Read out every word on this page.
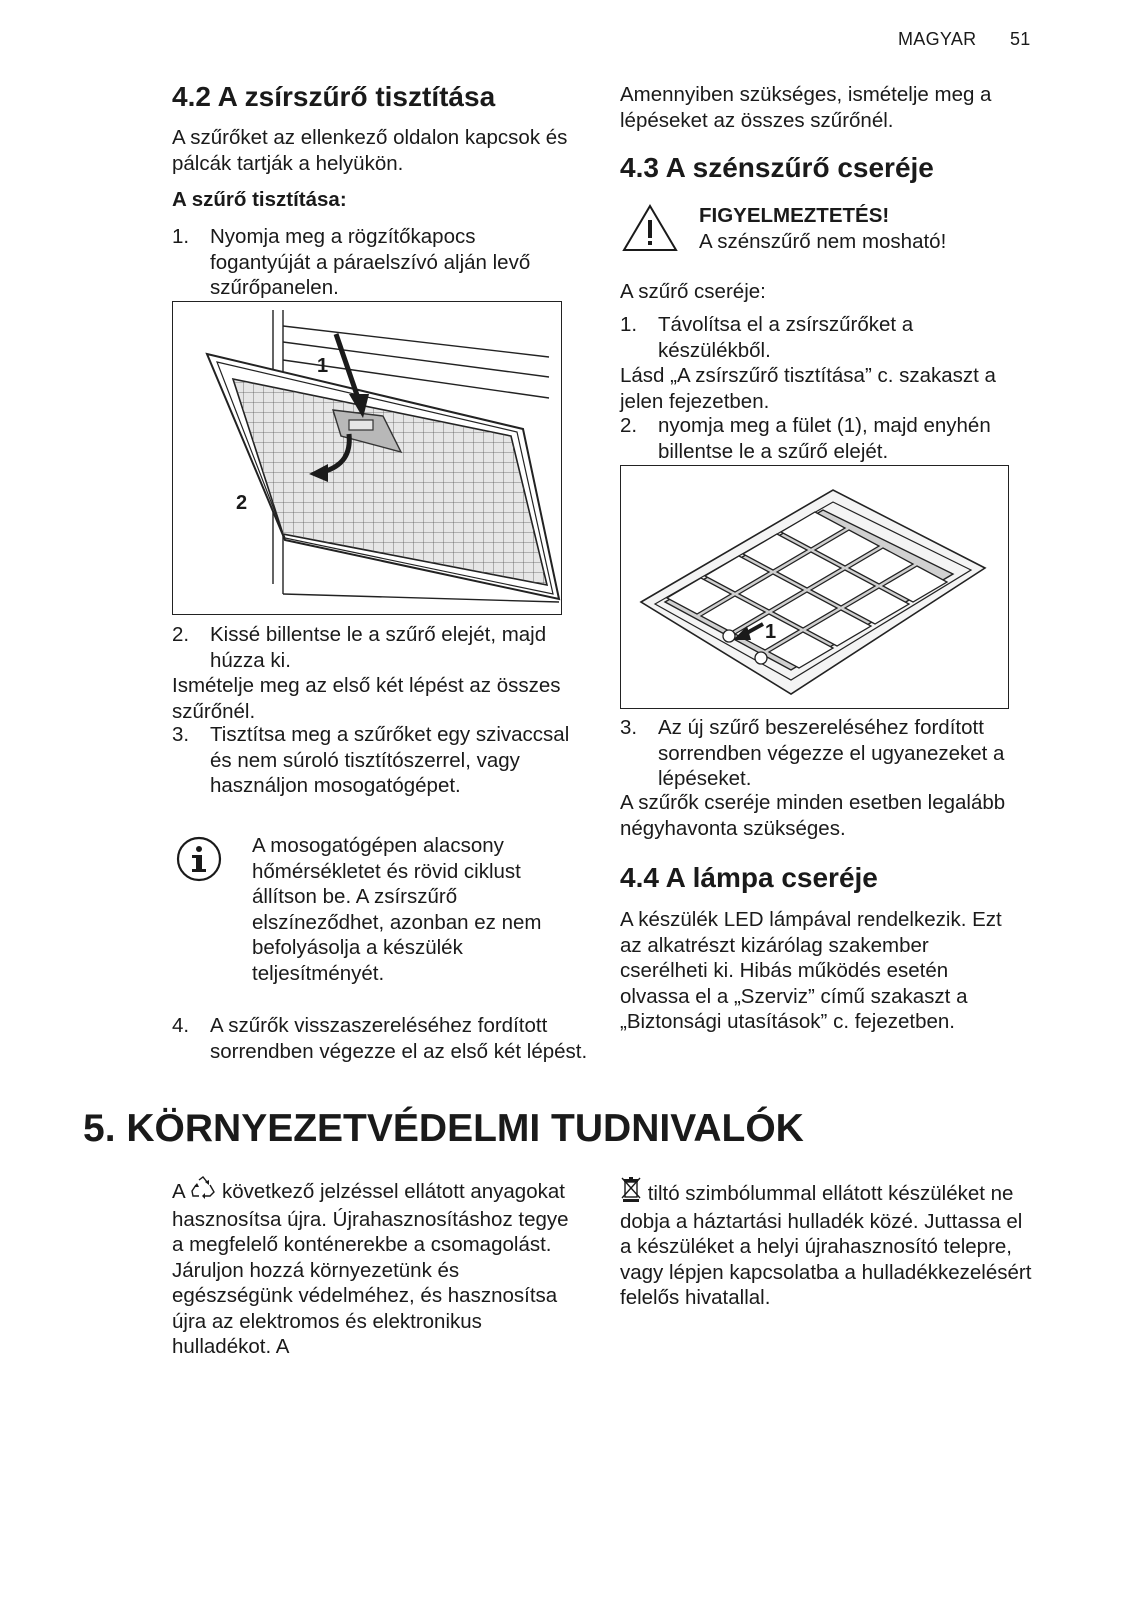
MAGYAR 51
4.2 A zsírszűrő tisztítása
A szűrőket az ellenkező oldalon kapcsok és pálcák tartják a helyükön.
A szűrő tisztítása:
1. Nyomja meg a rögzítőkapocs fogantyúját a páraelszívó alján levő szűrőpanelen.
1
2
2. Kissé billentse le a szűrő elejét, majd húzza ki.
Ismételje meg az első két lépést az összes szűrőnél.
3. Tisztítsa meg a szűrőket egy szivaccsal és nem súroló tisztítószerrel, vagy használjon mosogatógépet.
A mosogatógépen alacsony hőmérsékletet és rövid ciklust állítson be. A zsírszűrő elszíneződhet, azonban ez nem befolyásolja a készülék teljesítményét.
4. A szűrők visszaszereléséhez fordított sorrendben végezze el az első két lépést.
Amennyiben szükséges, ismételje meg a lépéseket az összes szűrőnél.
4.3 A szénszűrő cseréje
FIGYELMEZTETÉS!
A szénszűrő nem mosható!
A szűrő cseréje:
1. Távolítsa el a zsírszűrőket a készülékből.
Lásd „A zsírszűrő tisztítása” c. szakaszt a jelen fejezetben.
2. nyomja meg a fület (1), majd enyhén billentse le a szűrő elejét.
1
3. Az új szűrő beszereléséhez fordított sorrendben végezze el ugyanezeket a lépéseket.
A szűrők cseréje minden esetben legalább négyhavonta szükséges.
4.4 A lámpa cseréje
A készülék LED lámpával rendelkezik. Ezt az alkatrészt kizárólag szakember cserélheti ki. Hibás működés esetén olvassa el a „Szerviz” című szakaszt a „Biztonsági utasítások” c. fejezetben.
5. KÖRNYEZETVÉDELMI TUDNIVALÓK
A következő jelzéssel ellátott anyagokat hasznosítsa újra. Újrahasznosításhoz tegye a megfelelő konténerekbe a csomagolást. Járuljon hozzá környezetünk és egészségünk védelméhez, és hasznosítsa újra az elektromos és elektronikus hulladékot. A
tiltó szimbólummal ellátott készüléket ne dobja a háztartási hulladék közé. Juttassa el a készüléket a helyi újrahasznosító telepre, vagy lépjen kapcsolatba a hulladékkezelésért felelős hivatallal.
